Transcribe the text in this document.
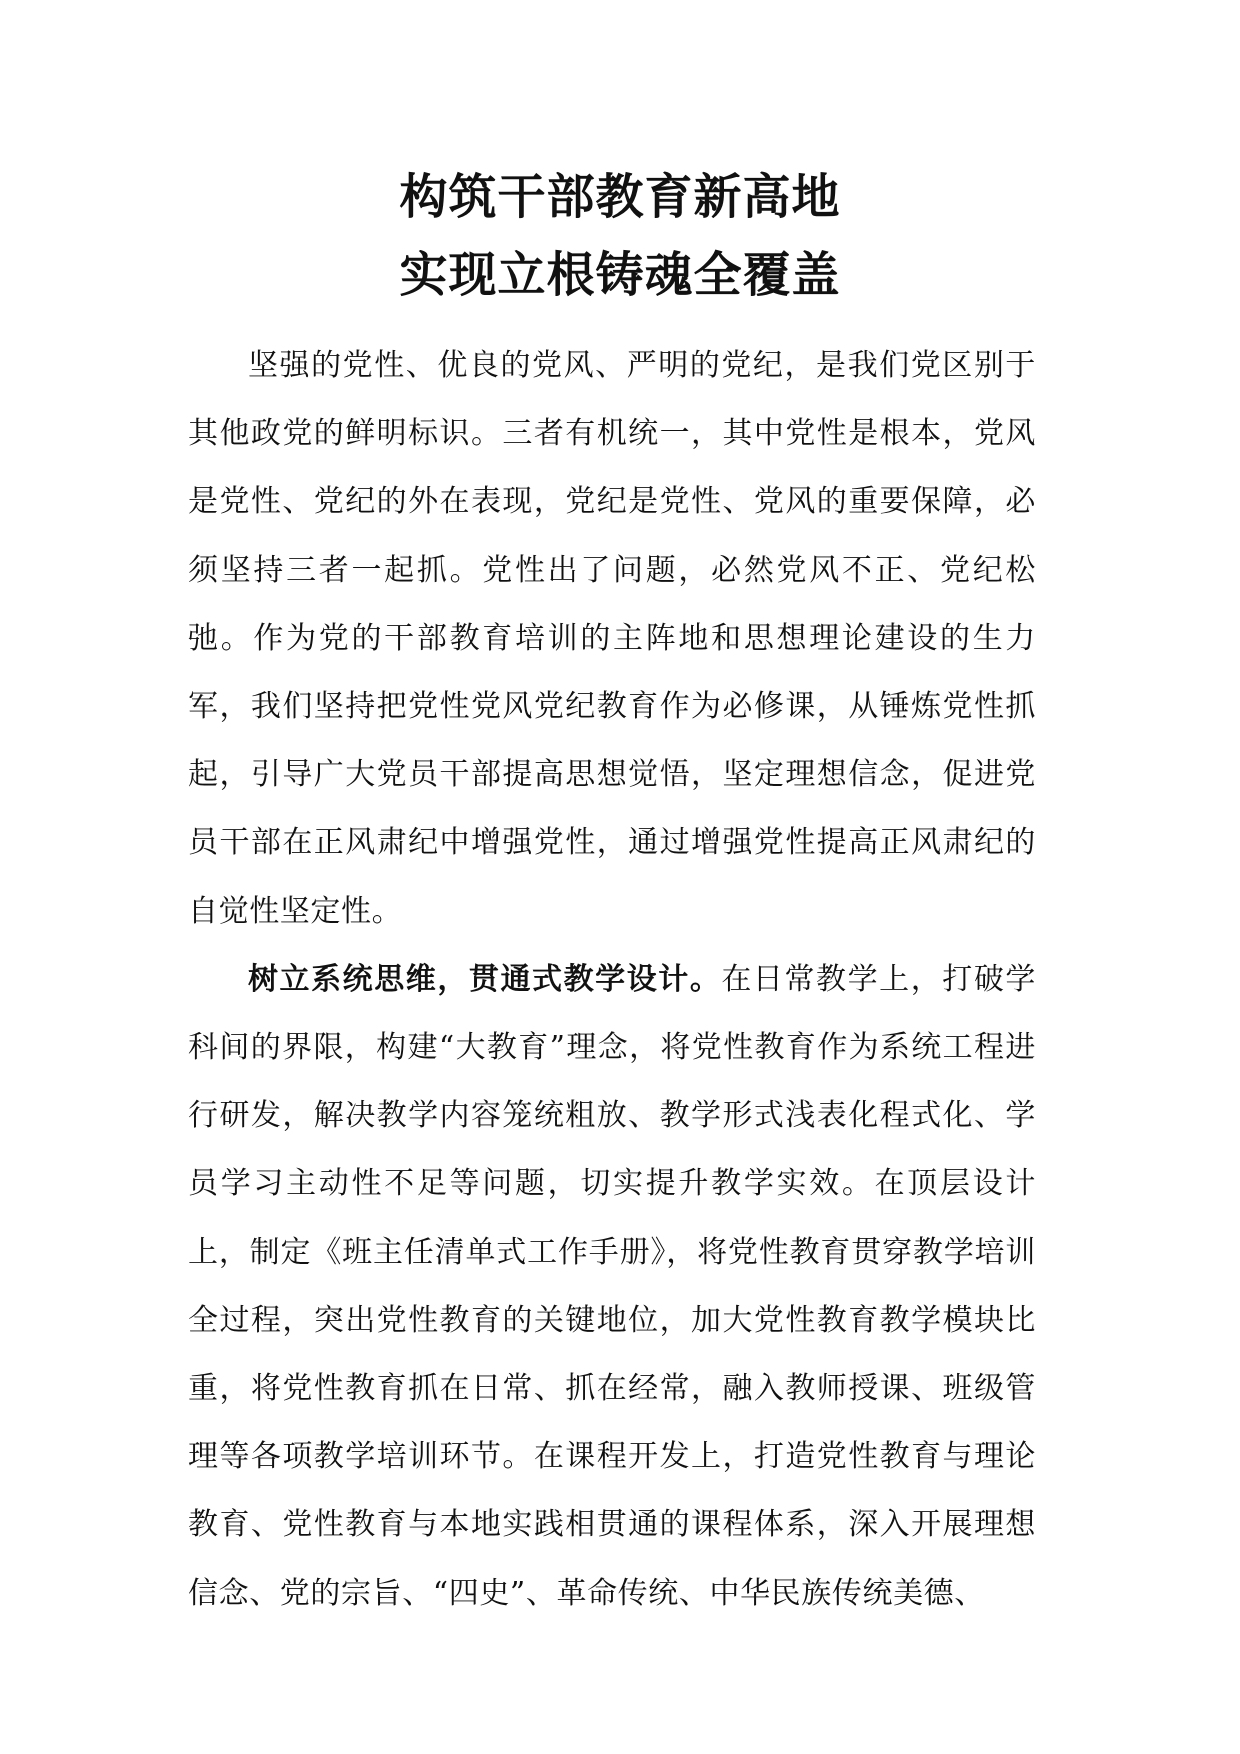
构筑干部教育新高地
实现立根铸魂全覆盖

坚强的党性、优良的党风、严明的党纪，是我们党区别于其他政党的鲜明标识。三者有机统一，其中党性是根本，党风是党性、党纪的外在表现，党纪是党性、党风的重要保障，必须坚持三者一起抓。党性出了问题，必然党风不正、党纪松弛。作为党的干部教育培训的主阵地和思想理论建设的生力军，我们坚持把党性党风党纪教育作为必修课，从锤炼党性抓起，引导广大党员干部提高思想觉悟，坚定理想信念，促进党员干部在正风肃纪中增强党性，通过增强党性提高正风肃纪的自觉性坚定性。

树立系统思维，贯通式教学设计。在日常教学上，打破学科间的界限，构建“大教育”理念，将党性教育作为系统工程进行研发，解决教学内容笼统粗放、教学形式浅表化程式化、学员学习主动性不足等问题，切实提升教学实效。在顶层设计上，制定《班主任清单式工作手册》，将党性教育贯穿教学培训全过程，突出党性教育的关键地位，加大党性教育教学模块比重，将党性教育抓在日常、抓在经常，融入教师授课、班级管理等各项教学培训环节。在课程开发上，打造党性教育与理论教育、党性教育与本地实践相贯通的课程体系，深入开展理想信念、党的宗旨、“四史”、革命传统、中华民族传统美德、
